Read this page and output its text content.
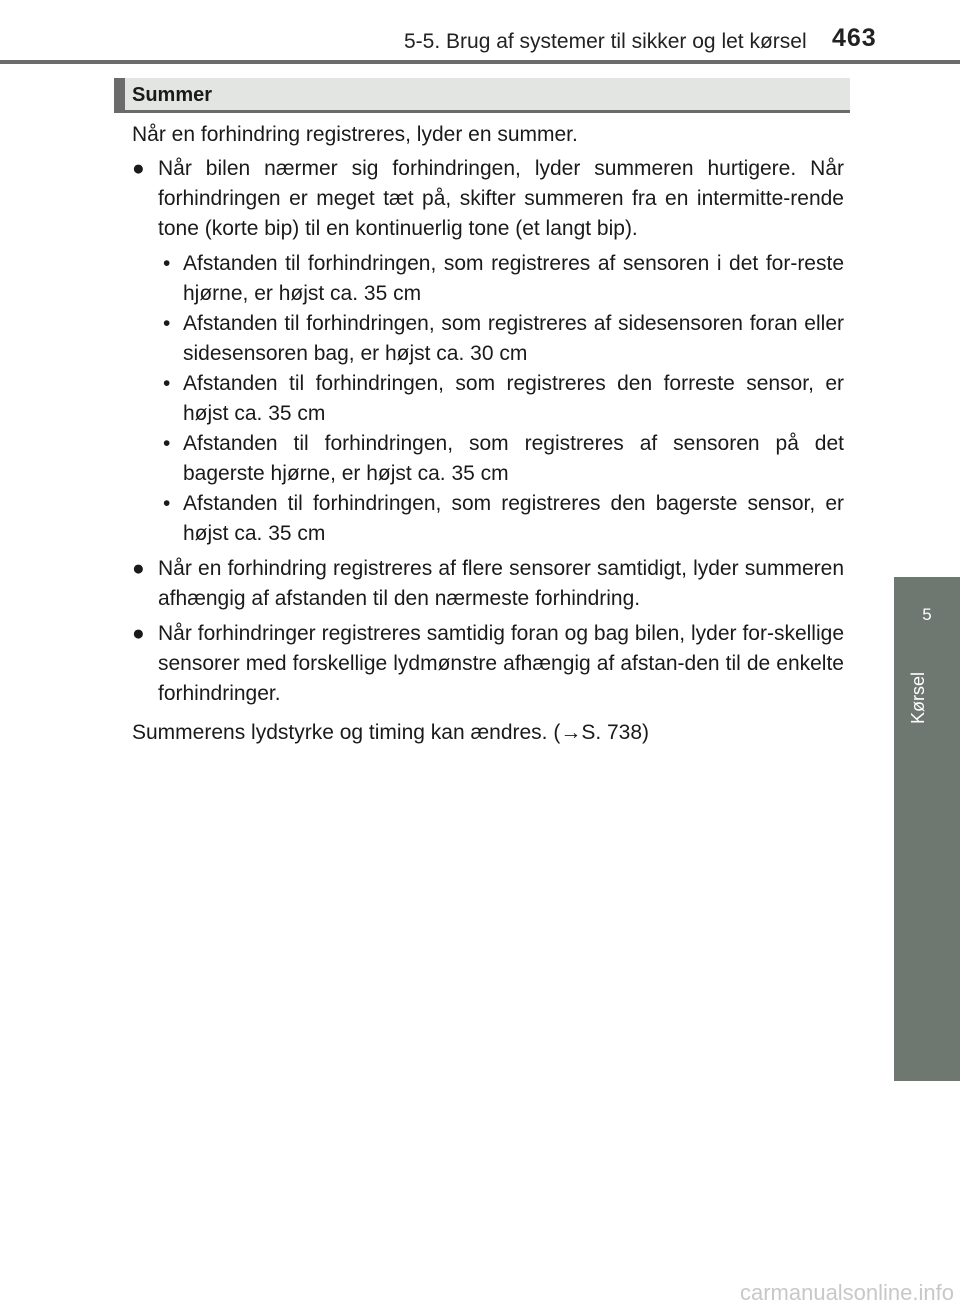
5-5. Brug af systemer til sikker og let kørsel 463
5
Kørsel
Summer

Når en forhindring registreres, lyder en summer.

● Når bilen nærmer sig forhindringen, lyder summeren hurtigere. Når forhindringen er meget tæt på, skifter summeren fra en intermitte-rende tone (korte bip) til en kontinuerlig tone (et langt bip).
• Afstanden til forhindringen, som registreres af sensoren i det for-reste hjørne, er højst ca. 35 cm
• Afstanden til forhindringen, som registreres af sidesensoren foran eller sidesensoren bag, er højst ca. 30 cm
• Afstanden til forhindringen, som registreres den forreste sensor, er højst ca. 35 cm
• Afstanden til forhindringen, som registreres af sensoren på det bagerste hjørne, er højst ca. 35 cm
• Afstanden til forhindringen, som registreres den bagerste sensor, er højst ca. 35 cm
● Når en forhindring registreres af flere sensorer samtidigt, lyder summeren afhængig af afstanden til den nærmeste forhindring.
● Når forhindringer registreres samtidig foran og bag bilen, lyder for-skellige sensorer med forskellige lydmønstre afhængig af afstan-den til de enkelte forhindringer.

Summerens lydstyrke og timing kan ændres. (→S. 738)

carmanualsonline.info
